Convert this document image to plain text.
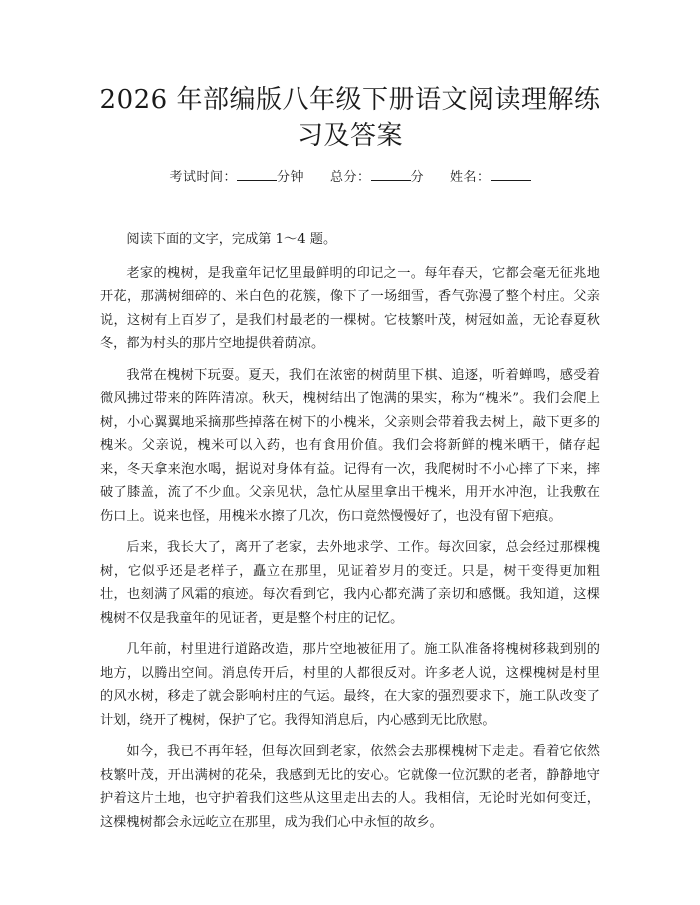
2026 年部编版八年级下册语文阅读理解练习及答案
考试时间：	分钟 总分：	分 姓名：

阅读下面的文字，完成第 1～4 题。

老家的槐树，是我童年记忆里最鲜明的印记之一。每年春天，它都会毫无征兆地开花，那满树细碎的、米白色的花簇，像下了一场细雪，香气弥漫了整个村庄。父亲说，这树有上百岁了，是我们村最老的一棵树。它枝繁叶茂，树冠如盖，无论春夏秋冬，都为村头的那片空地提供着荫凉。

我常在槐树下玩耍。夏天，我们在浓密的树荫里下棋、追逐，听着蝉鸣，感受着微风拂过带来的阵阵清凉。秋天，槐树结出了饱满的果实，称为“槐米”。我们会爬上树，小心翼翼地采摘那些掉落在树下的小槐米，父亲则会带着我去树上，敲下更多的槐米。父亲说，槐米可以入药，也有食用价值。我们会将新鲜的槐米晒干，储存起来，冬天拿来泡水喝，据说对身体有益。记得有一次，我爬树时不小心摔了下来，摔破了膝盖，流了不少血。父亲见状，急忙从屋里拿出干槐米，用开水冲泡，让我敷在伤口上。说来也怪，用槐米水擦了几次，伤口竟然慢慢好了，也没有留下疤痕。

后来，我长大了，离开了老家，去外地求学、工作。每次回家，总会经过那棵槐树，它似乎还是老样子，矗立在那里，见证着岁月的变迁。只是，树干变得更加粗壮，也刻满了风霜的痕迹。每次看到它，我内心都充满了亲切和感慨。我知道，这棵槐树不仅是我童年的见证者，更是整个村庄的记忆。

几年前，村里进行道路改造，那片空地被征用了。施工队准备将槐树移栽到别的地方，以腾出空间。消息传开后，村里的人都很反对。许多老人说，这棵槐树是村里的风水树，移走了就会影响村庄的气运。最终，在大家的强烈要求下，施工队改变了计划，绕开了槐树，保护了它。我得知消息后，内心感到无比欣慰。

如今，我已不再年轻，但每次回到老家，依然会去那棵槐树下走走。看着它依然枝繁叶茂，开出满树的花朵，我感到无比的安心。它就像一位沉默的老者，静静地守护着这片土地，也守护着我们这些从这里走出去的人。我相信，无论时光如何变迁，这棵槐树都会永远屹立在那里，成为我们心中永恒的故乡。
